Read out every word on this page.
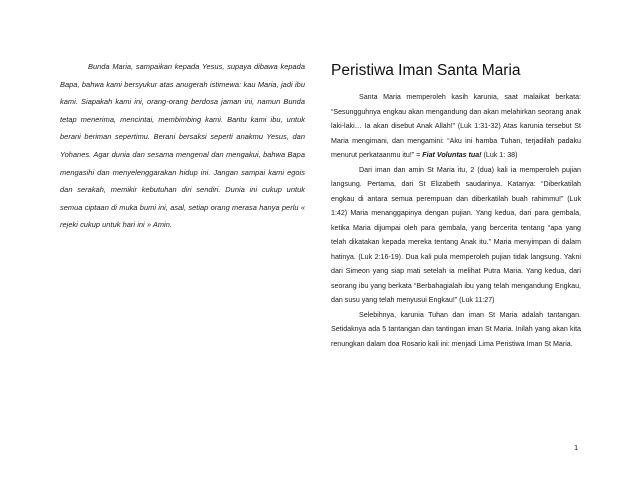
Bunda Maria, sampaikan kepada Yesus, supaya dibawa kepada Bapa, bahwa kami bersyukur atas anugerah istimewa: kau Maria, jadi ibu kami. Siapakah kami ini, orang-orang berdosa jaman ini, namun Bunda tetap menerima, mencintai, membimbing kami. Bantu kami ibu, untuk berani beriman sepertimu. Berani bersaksi seperti anakmu Yesus, dan Yohanes. Agar dunia dan sesama mengenal dan mengakui, bahwa Bapa mengasihi dan menyelenggarakan hidup ini. Jangan sampai kami egois dan serakah, memikir kebutuhan diri sendiri. Dunia ini cukup untuk semua ciptaan di muka bumi ini, asal, setiap orang merasa hanya perlu « rejeki cukup untuk hari ini » Amin.

Peristiwa Iman Santa Maria

Santa Maria memperoleh kasih karunia, saat malaikat berkata: “Sesungguhnya engkau akan mengandung dan akan melahirkan seorang anak laki-laki… Ia akan disebut Anak Allah!” (Luk 1:31-32) Atas karunia tersebut St Maria mengimani, dan mengamini: “Aku ini hamba Tuhan, terjadilah padaku menurut perkataanmu itu!” = Fiat Voluntas tua! (Luk 1: 38)

Dari iman dan amin St Maria itu, 2 (dua) kali ia memperoleh pujian langsung. Pertama, dari St Elizabeth saudarinya. Katanya: “Diberkatilah engkau di antara semua perempuan dan diberkatilah buah rahimmu!” (Luk 1:42) Maria menanggapinya dengan pujian. Yang kedua, dari para gembala, ketika Maria dijumpai oleh para gembala, yang bercerita tentang “apa yang telah dikatakan kepada mereka tentang Anak itu.” Maria menyimpan di dalam hatinya. (Luk 2:16-19). Dua kali pula memperoleh pujian tidak langsung. Yakni dari Simeon yang siap mati setelah ia melihat Putra Maria. Yang kedua, dari seorang ibu yang berkata “Berbahagialah ibu yang telah mengandung Engkau, dan susu yang telah menyusui Engkau!” (Luk 11:27)

Selebihnya, karunia Tuhan dan iman St Maria adalah tantangan. Setidaknya ada 5 tantangan dan tantingan iman St Maria. Inilah yang akan kita renungkan dalam doa Rosario kali ini: menjadi Lima Peristiwa Iman St Maria.

1
